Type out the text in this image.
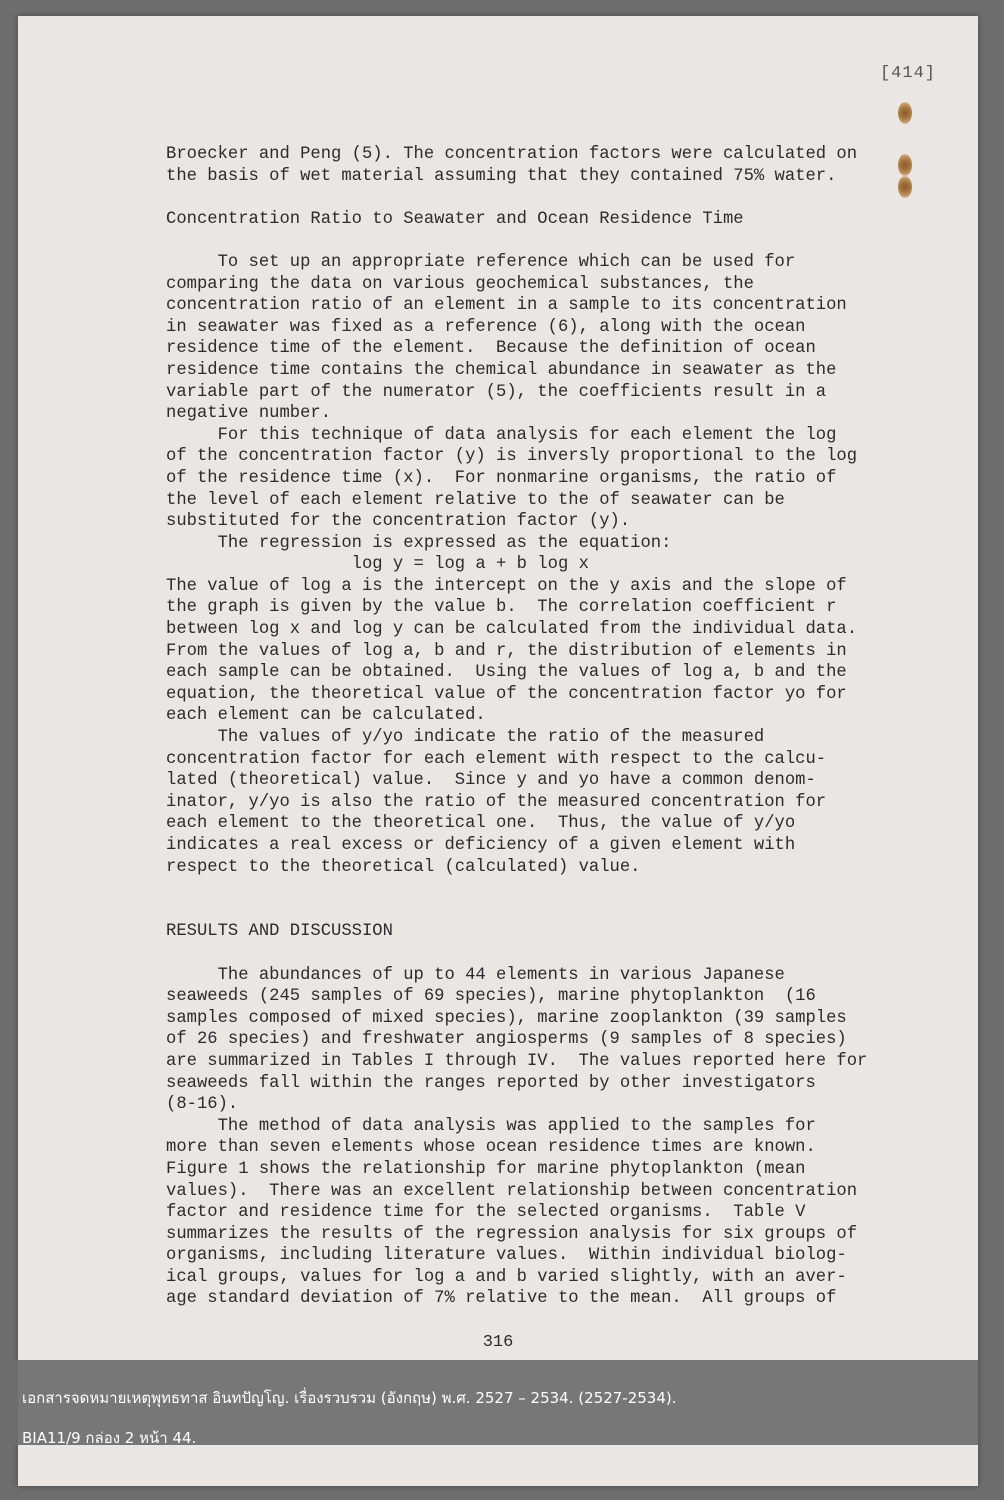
[414]
Broecker and Peng (5). The concentration factors were calculated on
the basis of wet material assuming that they contained 75% water.

Concentration Ratio to Seawater and Ocean Residence Time

To set up an appropriate reference which can be used for
comparing the data on various geochemical substances, the
concentration ratio of an element in a sample to its concentration
in seawater was fixed as a reference (6), along with the ocean
residence time of the element.  Because the definition of ocean
residence time contains the chemical abundance in seawater as the
variable part of the numerator (5), the coefficients result in a
negative number.
For this technique of data analysis for each element the log
of the concentration factor (y) is inversly proportional to the log
of the residence time (x).  For nonmarine organisms, the ratio of
the level of each element relative to the of seawater can be
substituted for the concentration factor (y).
The regression is expressed as the equation:
log y = log a + b log x
The value of log a is the intercept on the y axis and the slope of
the graph is given by the value b.  The correlation coefficient r
between log x and log y can be calculated from the individual data.
From the values of log a, b and r, the distribution of elements in
each sample can be obtained.  Using the values of log a, b and the
equation, the theoretical value of the concentration factor yo for
each element can be calculated.
The values of y/yo indicate the ratio of the measured
concentration factor for each element with respect to the calcu-
lated (theoretical) value.  Since y and yo have a common denom-
inator, y/yo is also the ratio of the measured concentration for
each element to the theoretical one.  Thus, the value of y/yo
indicates a real excess or deficiency of a given element with
respect to the theoretical (calculated) value.

RESULTS AND DISCUSSION

The abundances of up to 44 elements in various Japanese
seaweeds (245 samples of 69 species), marine phytoplankton  (16
samples composed of mixed species), marine zooplankton (39 samples
of 26 species) and freshwater angiosperms (9 samples of 8 species)
are summarized in Tables I through IV.  The values reported here for
seaweeds fall within the ranges reported by other investigators
(8-16).
The method of data analysis was applied to the samples for
more than seven elements whose ocean residence times are known.
Figure 1 shows the relationship for marine phytoplankton (mean
values).  There was an excellent relationship between concentration
factor and residence time for the selected organisms.  Table V
summarizes the results of the regression analysis for six groups of
organisms, including literature values.  Within individual biolog-
ical groups, values for log a and b varied slightly, with an aver-
age standard deviation of 7% relative to the mean.  All groups of
316
เอกสารจดหมายเหตุพุทธทาส อินทปัญโญ. เรื่องรวบรวม (อังกฤษ) พ.ศ. 2527 – 2534. (2527-2534).
BIA11/9 กล่อง 2 หน้า 44.
